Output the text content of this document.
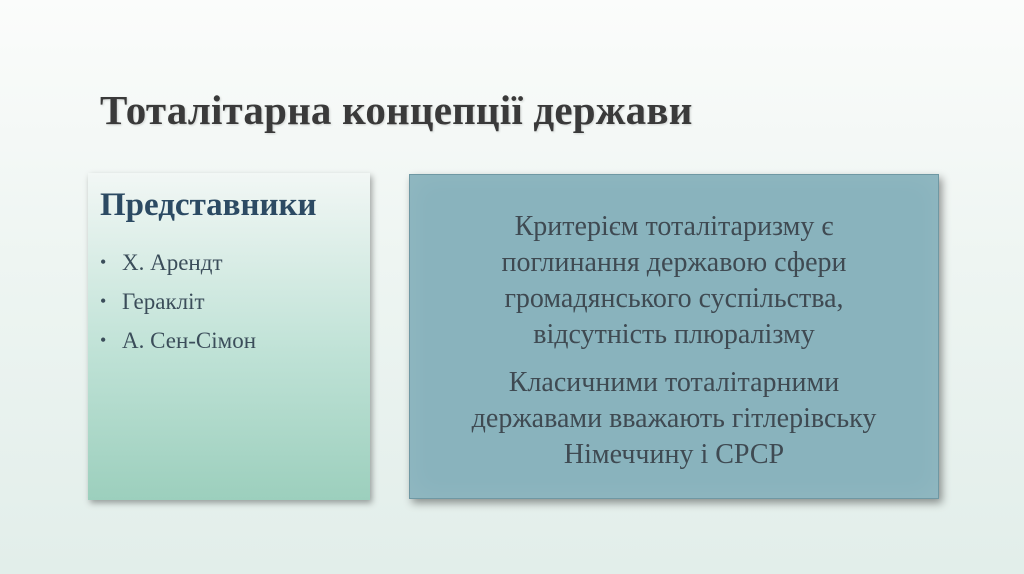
Тоталітарна концепції держави
Представники
• Х. Арендт
• Геракліт
• А. Сен-Сімон
Критерієм тоталітаризму є
поглинання державою сфери
громадянського суспільства,
відсутність плюралізму
Класичними тоталітарними
державами вважають гітлерівську
Німеччину і СРСР
